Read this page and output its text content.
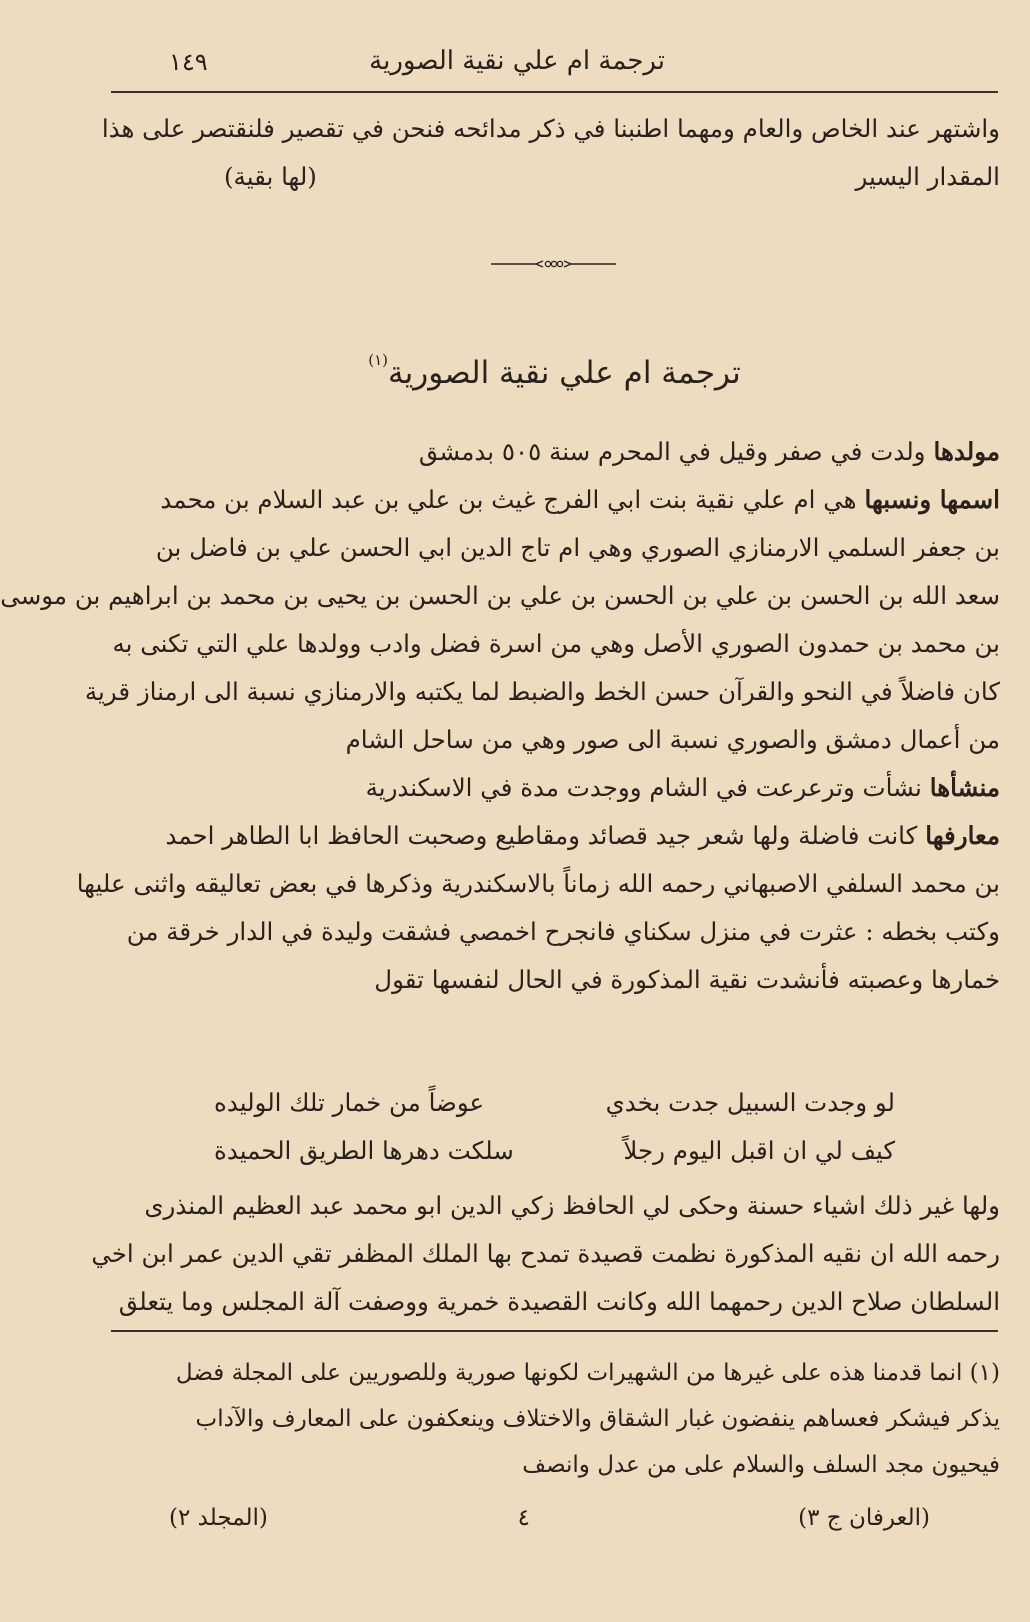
ترجمة ام علي نقية الصورية
١٤٩
واشتهر عند الخاص والعام ومهما اطنبنا في ذكر مدائحه فنحن في تقصير فلنقتصر على هذا
المقدار اليسير
(لها بقية)
ترجمة ام علي نقية الصورية$^{(١)}$
مولدهاولدت في صفر وقيل في المحرم سنة ٥٠٥ بدمشق
اسمها ونسبهاهي ام علي نقية بنت ابي الفرج غيث بن علي بن عبد السلام بن محمد
بن جعفر السلمي الارمنازي الصوري وهي ام تاج الدين ابي الحسن علي بن فاضل بن
سعد الله بن الحسن بن علي بن الحسن بن علي بن الحسن بن يحيى بن محمد بن ابراهيم بن موسى
بن محمد بن حمدون الصوري الأصل وهي من اسرة فضل وادب وولدها علي التي تكنى به
كان فاضلاً في النحو والقرآن حسن الخط والضبط لما يكتبه والارمنازي نسبة الى ارمناز قرية
من أعمال دمشق والصوري نسبة الى صور وهي من ساحل الشام
منشأهانشأت وترعرعت في الشام ووجدت مدة في الاسكندرية
معارفهاكانت فاضلة ولها شعر جيد قصائد ومقاطيع وصحبت الحافظ ابا الطاهر احمد
بن محمد السلفي الاصبهاني رحمه الله زماناً بالاسكندرية وذكرها في بعض تعاليقه واثنى عليها
وكتب بخطه : عثرت في منزل سكناي فانجرح اخمصي فشقت وليدة في الدار خرقة من
خمارها وعصبته فأنشدت نقية المذكورة في الحال لنفسها تقول
لو وجدت السبيل جدت بخدي
عوضاً من خمار تلك الوليده
كيف لي ان اقبل اليوم رجلاً
سلكت دهرها الطريق الحميدة
ولها غير ذلك اشياء حسنة وحكى لي الحافظ زكي الدين ابو محمد عبد العظيم المنذرى
رحمه الله ان نقيه المذكورة نظمت قصيدة تمدح بها الملك المظفر تقي الدين عمر ابن اخي
السلطان صلاح الدين رحمهما الله وكانت القصيدة خمرية ووصفت آلة المجلس وما يتعلق
(١) انما قدمنا هذه على غيرها من الشهيرات لكونها صورية وللصوريين على المجلة فضل
يذكر فيشكر فعساهم ينفضون غبار الشقاق والاختلاف وينعكفون على المعارف والآداب
فيحيون مجد السلف والسلام على من عدل وانصف
(العرفان ج ٣)
٤
(المجلد ٢)
